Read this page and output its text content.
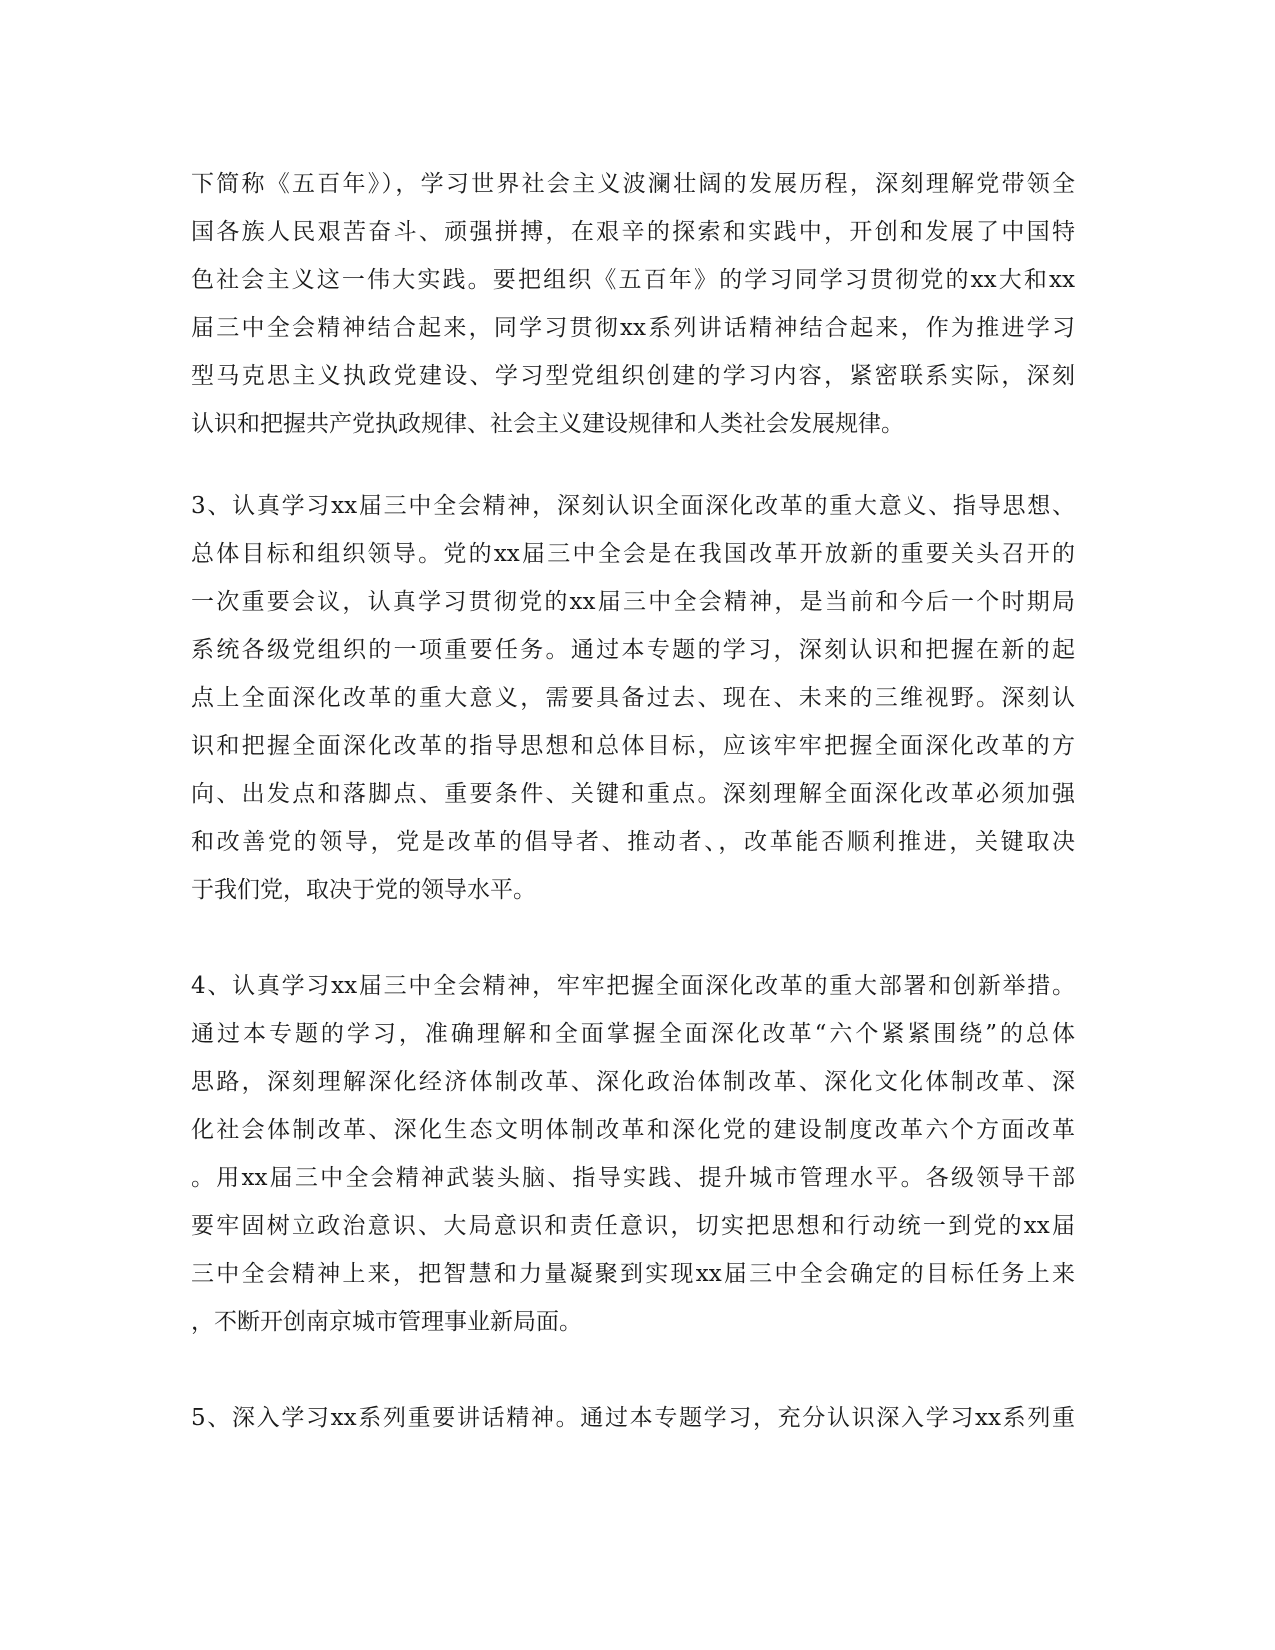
下简称《五百年》），学习世界社会主义波澜壮阔的发展历程，深刻理解党带领全
国各族人民艰苦奋斗、顽强拼搏，在艰辛的探索和实践中，开创和发展了中国特
色社会主义这一伟大实践。要把组织《五百年》的学习同学习贯彻党的xx大和xx
届三中全会精神结合起来，同学习贯彻xx系列讲话精神结合起来，作为推进学习
型马克思主义执政党建设、学习型党组织创建的学习内容，紧密联系实际，深刻
认识和把握共产党执政规律、社会主义建设规律和人类社会发展规律。
3、认真学习xx届三中全会精神，深刻认识全面深化改革的重大意义、指导思想、
总体目标和组织领导。党的xx届三中全会是在我国改革开放新的重要关头召开的
一次重要会议，认真学习贯彻党的xx届三中全会精神，是当前和今后一个时期局
系统各级党组织的一项重要任务。通过本专题的学习，深刻认识和把握在新的起
点上全面深化改革的重大意义，需要具备过去、现在、未来的三维视野。深刻认
识和把握全面深化改革的指导思想和总体目标，应该牢牢把握全面深化改革的方
向、出发点和落脚点、重要条件、关键和重点。深刻理解全面深化改革必须加强
和改善党的领导，党是改革的倡导者、推动者、，改革能否顺利推进，关键取决
于我们党，取决于党的领导水平。
4、认真学习xx届三中全会精神，牢牢把握全面深化改革的重大部署和创新举措。
通过本专题的学习，准确理解和全面掌握全面深化改革“六个紧紧围绕”的总体
思路，深刻理解深化经济体制改革、深化政治体制改革、深化文化体制改革、深
化社会体制改革、深化生态文明体制改革和深化党的建设制度改革六个方面改革
。用xx届三中全会精神武装头脑、指导实践、提升城市管理水平。各级领导干部
要牢固树立政治意识、大局意识和责任意识，切实把思想和行动统一到党的xx届
三中全会精神上来，把智慧和力量凝聚到实现xx届三中全会确定的目标任务上来
，不断开创南京城市管理事业新局面。
5、深入学习xx系列重要讲话精神。通过本专题学习，充分认识深入学习xx系列重
